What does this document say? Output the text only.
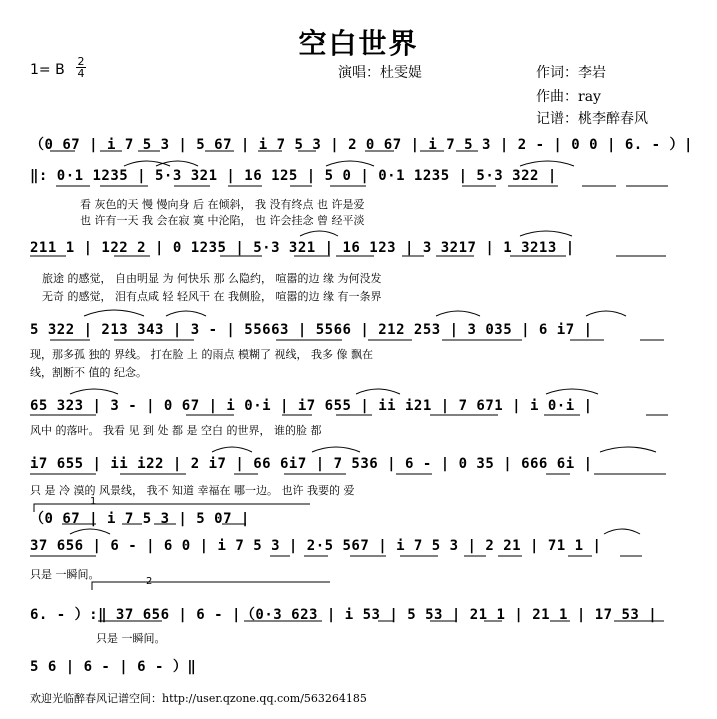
空白世界
演唱：杜雯媞	作词：李岩
作曲：ray
记谱：桃李醉春风
1= B
2
4
（0 67 | i 7 5 3 | 5 67 | i 7 5 3 | 2 0 67 | i 7 5 3 | 2 - | 0 0 | 6. - ）|
‖: 0·1 1235 | 5·3 321 | 16 125 | 5 0 | 0·1 1235 | 5·3 322 |
看 灰色的天 慢 慢向身 后 在倾斜， 我 没有终点 也 许是爱
也 许有一天 我 会在寂 寞 中沦陷， 也 许会挂念 曾 经平淡
211 1 | 122 2 | 0 1235 | 5·3 321 | 16 123 | 3 3217 | 1 3213 |
旅途 的感觉， 自由明显 为 何快乐 那 么隐约， 喧嚣的边 缘 为何没发
无奇 的感觉， 泪有点咸 轻 轻风干 在 我侧脸， 喧嚣的边 缘 有一条界
5 322 | 213 343 | 3 - | 55663 | 5566 | 212 253 | 3 035 | 6 i7 |
现，那多孤 独的 界线。 打在脸 上 的雨点 模糊了 视线， 我多 像 飘在
线，割断不 值的 纪念。
65 323 | 3 - | 0 67 | i 0·i | i7 655 | ii i21 | 7 671 | i 0·i |
风中 的落叶。 我看 见 到 处 都 是 空白 的世界， 谁的脸 都
i7 655 | ii i22 | 2 i7 | 66 6i7 | 7 536 | 6 - | 0 35 | 666 6i |
只 是 冷 漠的 风景线， 我不 知道 幸福在 哪一边。 也许 我要的 爱
1
（0 67 | i 7 5 3 | 5 07 |
37 656 | 6 - | 6 0 | i 7 5 3 | 2·5 567 | i 7 5 3 | 2 21 | 71 1 |
只是 一瞬间。
2
6. - ）:‖ 37 656 | 6 - |（0·3 623 | i 53 | 5 53 | 21 1 | 21 1 | 17 53 |
只是 一瞬间。
5 6 | 6 - | 6 - ）‖
欢迎光临醉春风记谱空间：http://user.qzone.qq.com/563264185
